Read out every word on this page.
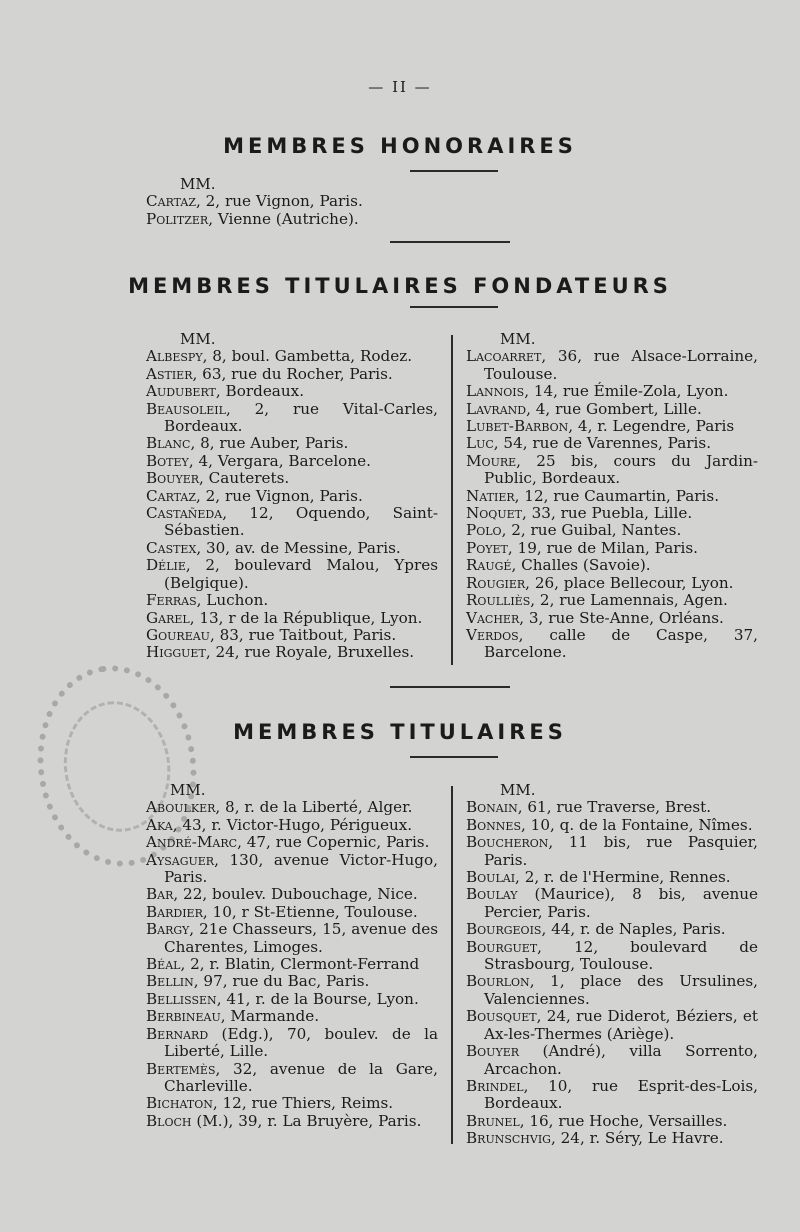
— II —
MEMBRES HONORAIRES
MM.
Cartaz, 2, rue Vignon, Paris.
Politzer, Vienne (Autriche).
MEMBRES TITULAIRES FONDATEURS
MM.
Albespy, 8, boul. Gambetta, Rodez.
Astier, 63, rue du Rocher, Paris.
Audubert, Bordeaux.
Beausoleil, 2, rue Vital-Carles, Bordeaux.
Blanc, 8, rue Auber, Paris.
Botey, 4, Vergara, Barcelone.
Bouyer, Cauterets.
Cartaz, 2, rue Vignon, Paris.
Castañeda, 12, Oquendo, Saint-Sébastien.
Castex, 30, av. de Messine, Paris.
Délie, 2, boulevard Malou, Ypres (Belgique).
Ferras, Luchon.
Garel, 13, r de la République, Lyon.
Goureau, 83, rue Taitbout, Paris.
Higguet, 24, rue Royale, Bruxelles.
MM.
Lacoarret, 36, rue Alsace-Lorraine, Toulouse.
Lannois, 14, rue Émile-Zola, Lyon.
Lavrand, 4, rue Gombert, Lille.
Lubet-Barbon, 4, r. Legendre, Paris
Luc, 54, rue de Varennes, Paris.
Moure, 25 bis, cours du Jardin-Public, Bordeaux.
Natier, 12, rue Caumartin, Paris.
Noquet, 33, rue Puebla, Lille.
Polo, 2, rue Guibal, Nantes.
Poyet, 19, rue de Milan, Paris.
Raugé, Challes (Savoie).
Rougier, 26, place Bellecour, Lyon.
Roulliès, 2, rue Lamennais, Agen.
Vacher, 3, rue Ste-Anne, Orléans.
Verdos, calle de Caspe, 37, Barcelone.
MEMBRES TITULAIRES
MM.
Aboulker, 8, r. de la Liberté, Alger.
Aka, 43, r. Victor-Hugo, Périgueux.
André-Marc, 47, rue Copernic, Paris.
Aysaguer, 130, avenue Victor-Hugo, Paris.
Bar, 22, boulev. Dubouchage, Nice.
Bardier, 10, r St-Etienne, Toulouse.
Bargy, 21e Chasseurs, 15, avenue des Charentes, Limoges.
Béal, 2, r. Blatin, Clermont-Ferrand
Bellin, 97, rue du Bac, Paris.
Bellissen, 41, r. de la Bourse, Lyon.
Berbineau, Marmande.
Bernard (Edg.), 70, boulev. de la Liberté, Lille.
Bertemès, 32, avenue de la Gare, Charleville.
Bichaton, 12, rue Thiers, Reims.
Bloch (M.), 39, r. La Bruyère, Paris.
MM.
Bonain, 61, rue Traverse, Brest.
Bonnes, 10, q. de la Fontaine, Nîmes.
Boucheron, 11 bis, rue Pasquier, Paris.
Boulai, 2, r. de l'Hermine, Rennes.
Boulay (Maurice), 8 bis, avenue Percier, Paris.
Bourgeois, 44, r. de Naples, Paris.
Bourguet, 12, boulevard de Strasbourg, Toulouse.
Bourlon, 1, place des Ursulines, Valenciennes.
Bousquet, 24, rue Diderot, Béziers, et Ax-les-Thermes (Ariège).
Bouyer (André), villa Sorrento, Arcachon.
Brindel, 10, rue Esprit-des-Lois, Bordeaux.
Brunel, 16, rue Hoche, Versailles.
Brunschvig, 24, r. Séry, Le Havre.
